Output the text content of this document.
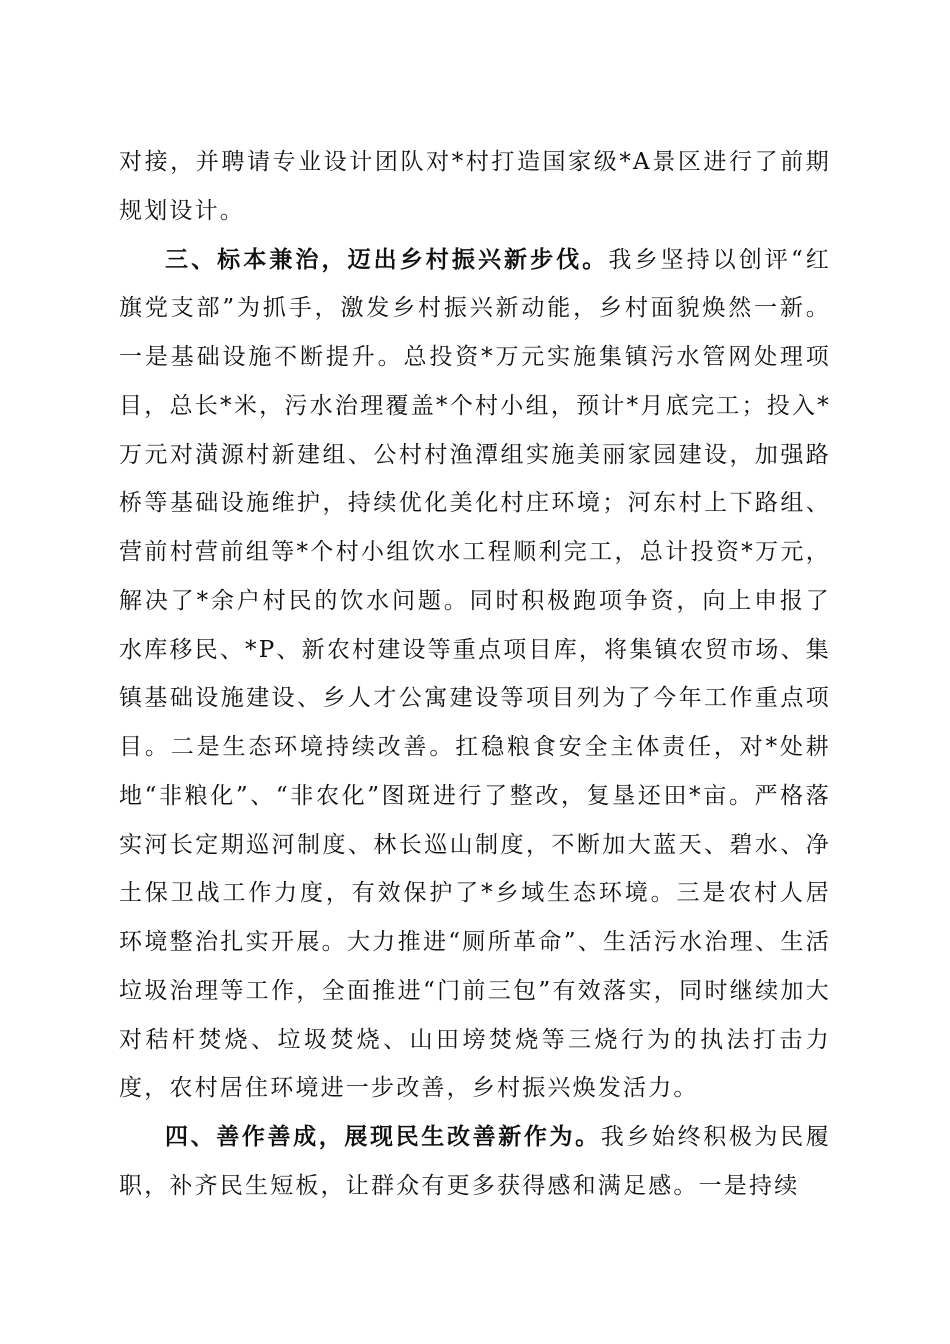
对接，并聘请专业设计团队对*村打造国家级*A景区进行了前期规划设计。

三、标本兼治，迈出乡村振兴新步伐。我乡坚持以创评“红旗党支部”为抓手，激发乡村振兴新动能，乡村面貌焕然一新。一是基础设施不断提升。总投资*万元实施集镇污水管网处理项目，总长*米，污水治理覆盖*个村小组，预计*月底完工；投入*万元对潢源村新建组、公村村渔潭组实施美丽家园建设，加强路桥等基础设施维护，持续优化美化村庄环境；河东村上下路组、营前村营前组等*个村小组饮水工程顺利完工，总计投资*万元，解决了*余户村民的饮水问题。同时积极跑项争资，向上申报了水库移民、*P、新农村建设等重点项目库，将集镇农贸市场、集镇基础设施建设、乡人才公寓建设等项目列为了今年工作重点项目。二是生态环境持续改善。扛稳粮食安全主体责任，对*处耕地“非粮化”、“非农化”图斑进行了整改，复垦还田*亩。严格落实河长定期巡河制度、林长巡山制度，不断加大蓝天、碧水、净土保卫战工作力度，有效保护了*乡域生态环境。三是农村人居环境整治扎实开展。大力推进“厕所革命”、生活污水治理、生活垃圾治理等工作，全面推进“门前三包”有效落实，同时继续加大对秸杆焚烧、垃圾焚烧、山田塝焚烧等三烧行为的执法打击力度，农村居住环境进一步改善，乡村振兴焕发活力。

四、善作善成，展现民生改善新作为。我乡始终积极为民履职，补齐民生短板，让群众有更多获得感和满足感。一是持续
